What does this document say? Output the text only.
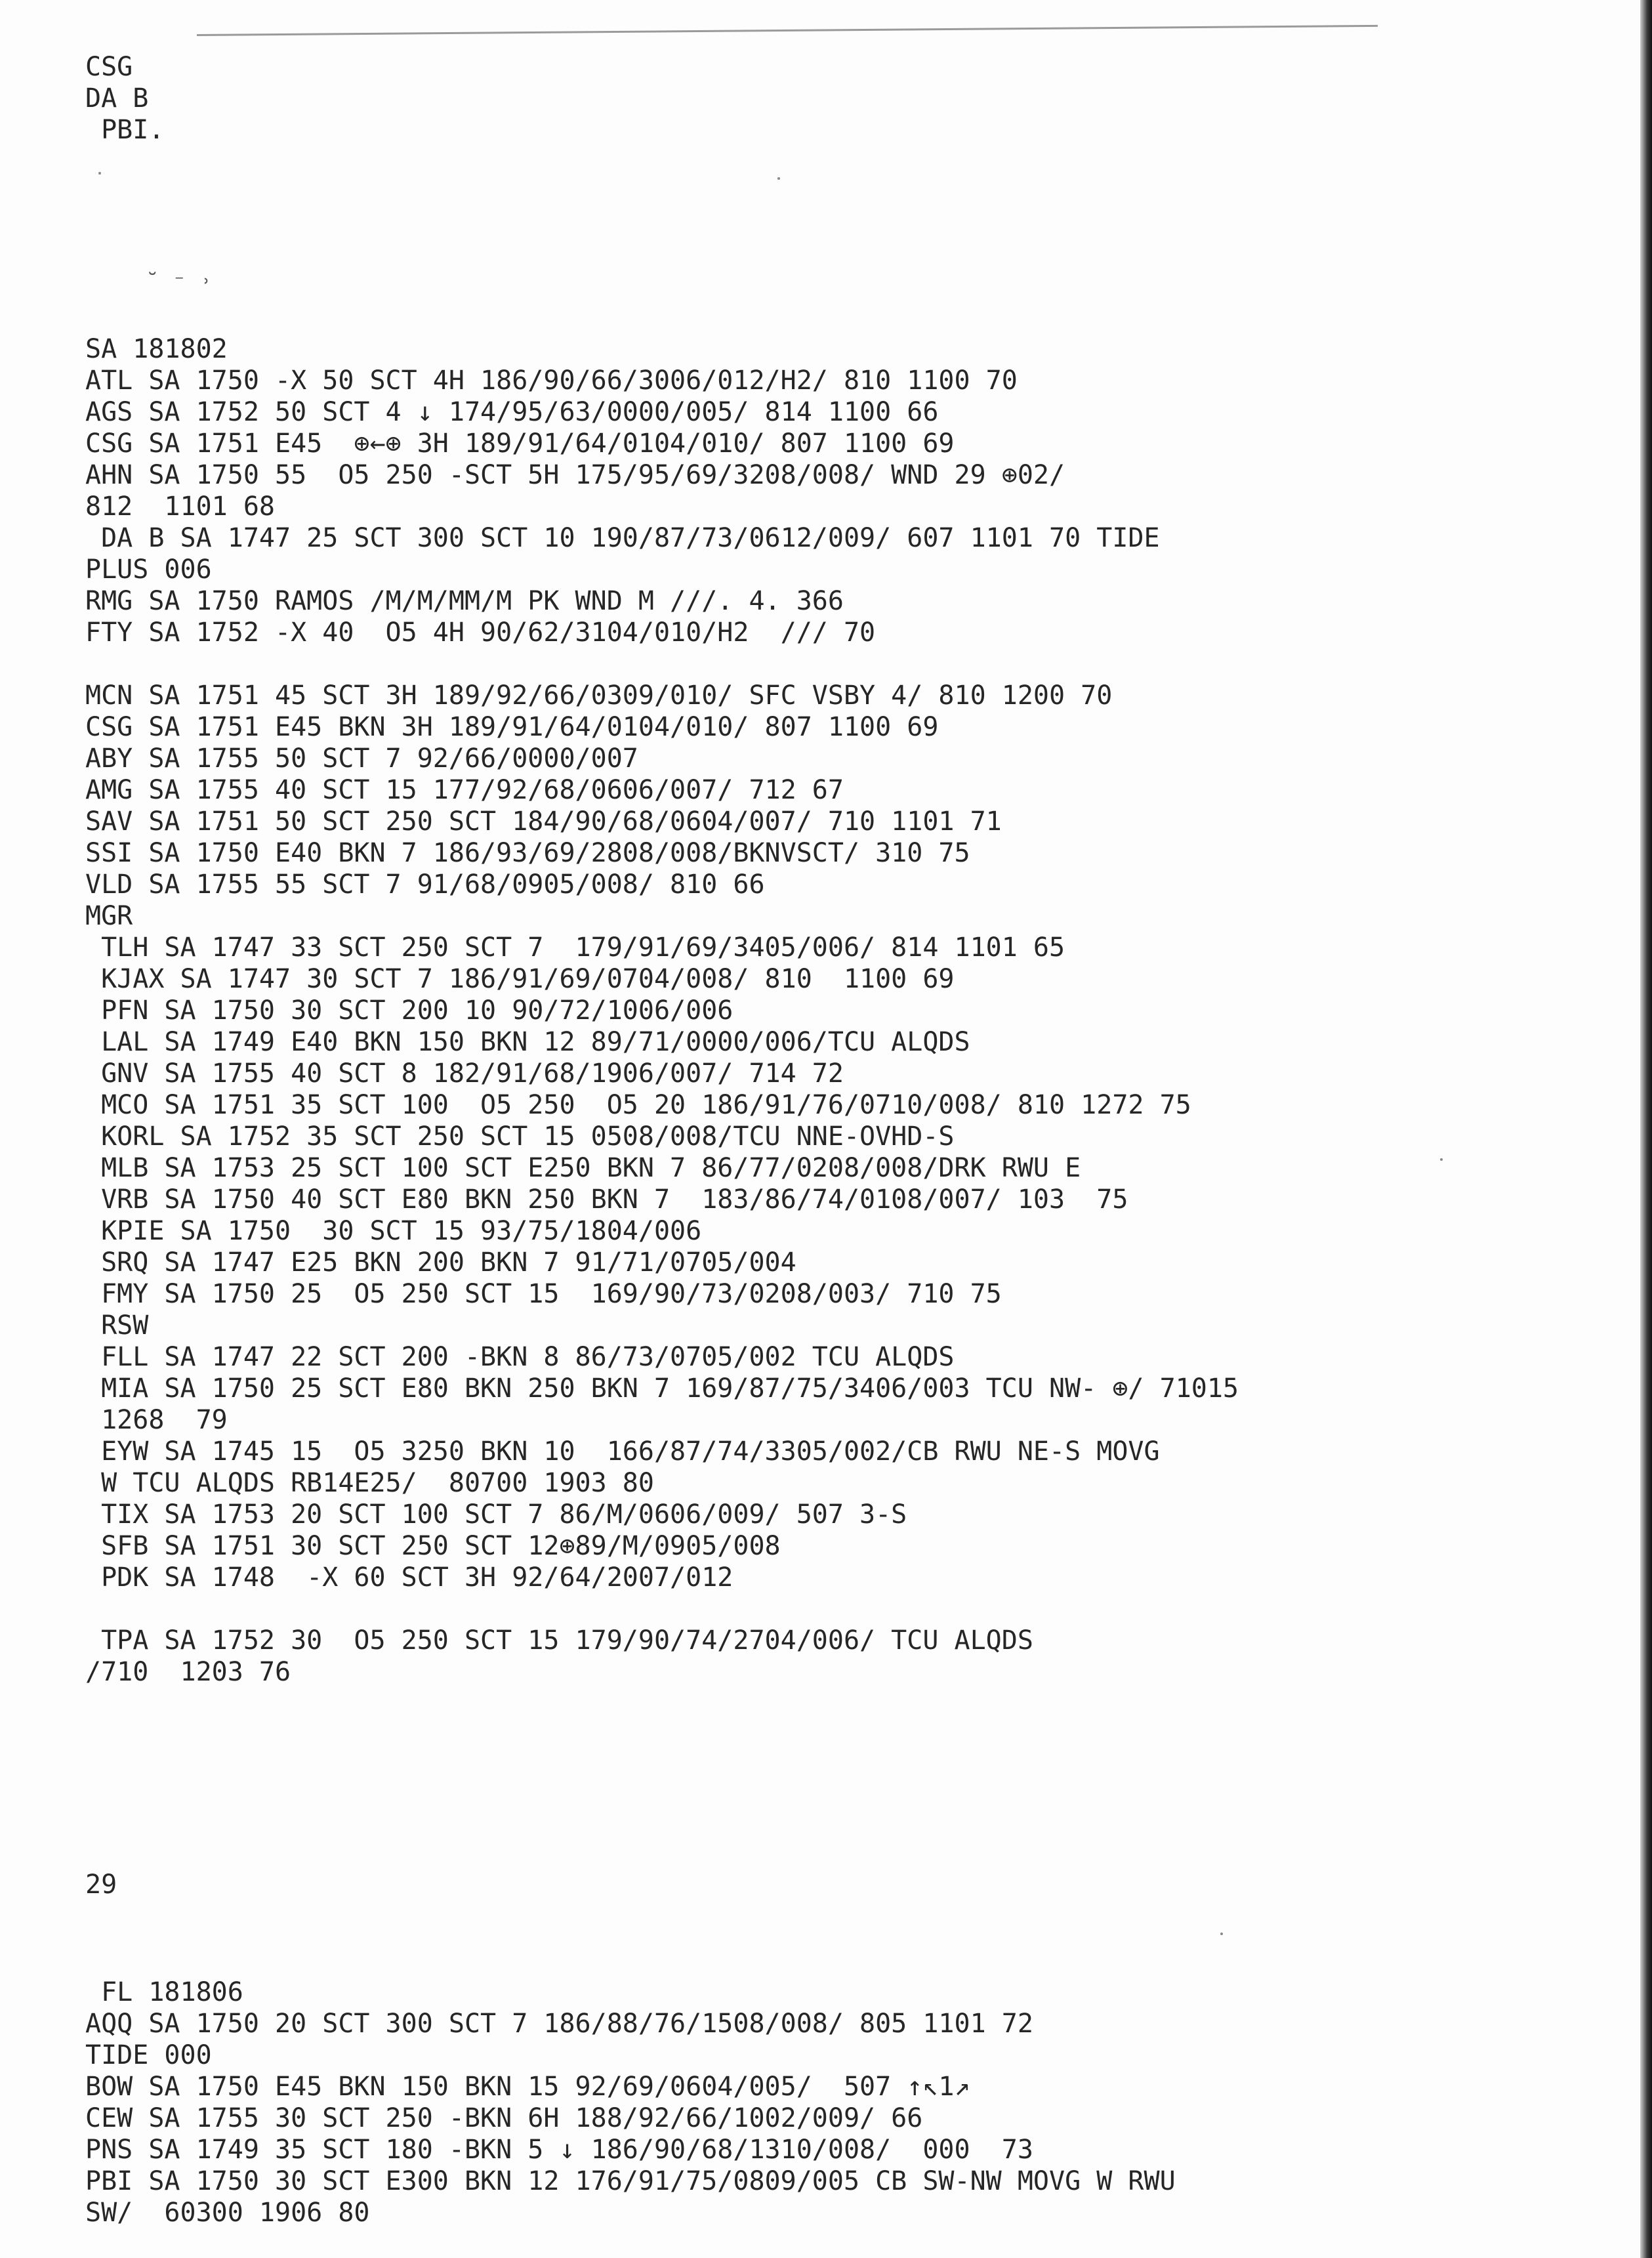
CSG
DA B
PBI.
˘ ⁻ ˒
SA 181802
ATL SA 1750 -X 50 SCT 4H 186/90/66/3006/012/H2/ 810 1100 70
AGS SA 1752 50 SCT 4 ↓ 174/95/63/0000/005/ 814 1100 66
CSG SA 1751 E45  ⊕←⊕ 3H 189/91/64/0104/010/ 807 1100 69
AHN SA 1750 55  O5 250 -SCT 5H 175/95/69/3208/008/ WND 29 ⊕02/
812  1101 68
DA B SA 1747 25 SCT 300 SCT 10 190/87/73/0612/009/ 607 1101 70 TIDE
PLUS 006
RMG SA 1750 RAMOS /M/M/MM/M PK WND M ///. 4. 366
FTY SA 1752 -X 40  O5 4H 90/62/3104/010/H2  /// 70
MCN SA 1751 45 SCT 3H 189/92/66/0309/010/ SFC VSBY 4/ 810 1200 70
CSG SA 1751 E45 BKN 3H 189/91/64/0104/010/ 807 1100 69
ABY SA 1755 50 SCT 7 92/66/0000/007
AMG SA 1755 40 SCT 15 177/92/68/0606/007/ 712 67
SAV SA 1751 50 SCT 250 SCT 184/90/68/0604/007/ 710 1101 71
SSI SA 1750 E40 BKN 7 186/93/69/2808/008/BKNVSCT/ 310 75
VLD SA 1755 55 SCT 7 91/68/0905/008/ 810 66
MGR
TLH SA 1747 33 SCT 250 SCT 7  179/91/69/3405/006/ 814 1101 65
KJAX SA 1747 30 SCT 7 186/91/69/0704/008/ 810  1100 69
PFN SA 1750 30 SCT 200 10 90/72/1006/006
LAL SA 1749 E40 BKN 150 BKN 12 89/71/0000/006/TCU ALQDS
GNV SA 1755 40 SCT 8 182/91/68/1906/007/ 714 72
MCO SA 1751 35 SCT 100  O5 250  O5 20 186/91/76/0710/008/ 810 1272 75
KORL SA 1752 35 SCT 250 SCT 15 0508/008/TCU NNE-OVHD-S
MLB SA 1753 25 SCT 100 SCT E250 BKN 7 86/77/0208/008/DRK RWU E
VRB SA 1750 40 SCT E80 BKN 250 BKN 7  183/86/74/0108/007/ 103  75
KPIE SA 1750  30 SCT 15 93/75/1804/006
SRQ SA 1747 E25 BKN 200 BKN 7 91/71/0705/004
FMY SA 1750 25  O5 250 SCT 15  169/90/73/0208/003/ 710 75
RSW
FLL SA 1747 22 SCT 200 -BKN 8 86/73/0705/002 TCU ALQDS
MIA SA 1750 25 SCT E80 BKN 250 BKN 7 169/87/75/3406/003 TCU NW- ⊕/ 71015
1268  79
EYW SA 1745 15  O5 3250 BKN 10  166/87/74/3305/002/CB RWU NE-S MOVG
W TCU ALQDS RB14E25/  80700 1903 80
TIX SA 1753 20 SCT 100 SCT 7 86/M/0606/009/ 507 3-S
SFB SA 1751 30 SCT 250 SCT 12⊕89/M/0905/008
PDK SA 1748  -X 60 SCT 3H 92/64/2007/012
TPA SA 1752 30  O5 250 SCT 15 179/90/74/2704/006/ TCU ALQDS
/710  1203 76
29
FL 181806
AQQ SA 1750 20 SCT 300 SCT 7 186/88/76/1508/008/ 805 1101 72
TIDE 000
BOW SA 1750 E45 BKN 150 BKN 15 92/69/0604/005/  507 ↑↖1↗
CEW SA 1755 30 SCT 250 -BKN 6H 188/92/66/1002/009/ 66
PNS SA 1749 35 SCT 180 -BKN 5 ↓ 186/90/68/1310/008/  000  73
PBI SA 1750 30 SCT E300 BKN 12 176/91/75/0809/005 CB SW-NW MOVG W RWU
SW/  60300 1906 80
